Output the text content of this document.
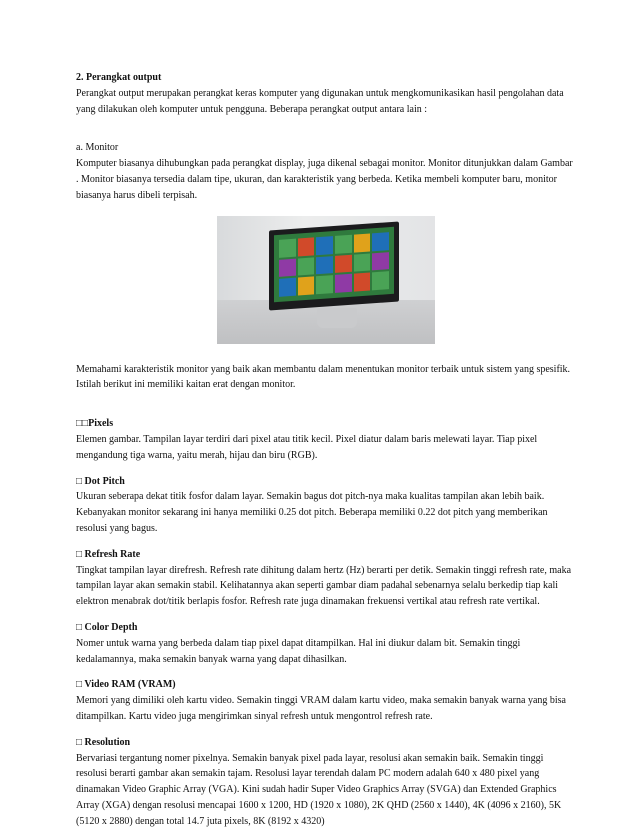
2. Perangkat output

Perangkat output merupakan perangkat keras komputer yang digunakan untuk mengkomunikasikan hasil pengolahan data yang dilakukan oleh komputer untuk pengguna. Beberapa perangkat output antara lain :

a. Monitor

Komputer biasanya dihubungkan pada perangkat display, juga dikenal sebagai monitor. Monitor ditunjukkan dalam Gambar . Monitor biasanya tersedia dalam tipe, ukuran, dan karakteristik yang berbeda. Ketika membeli komputer baru, monitor biasanya harus dibeli terpisah.

Memahami karakteristik monitor yang baik akan membantu dalam menentukan monitor terbaik untuk sistem yang spesifik. Istilah berikut ini memiliki kaitan erat dengan monitor.

□□Pixels

Elemen gambar. Tampilan layar terdiri dari pixel atau titik kecil. Pixel diatur dalam baris melewati layar. Tiap pixel mengandung tiga warna, yaitu merah, hijau dan biru (RGB).

□ Dot Pitch

Ukuran seberapa dekat titik fosfor dalam layar. Semakin bagus dot pitch-nya maka kualitas tampilan akan lebih baik. Kebanyakan monitor sekarang ini hanya memiliki 0.25 dot pitch. Beberapa memiliki 0.22 dot pitch yang memberikan resolusi yang bagus.

□ Refresh Rate

Tingkat tampilan layar direfresh. Refresh rate dihitung dalam hertz (Hz) berarti per detik. Semakin tinggi refresh rate, maka tampilan layar akan semakin stabil. Kelihatannya akan seperti gambar diam padahal sebenarnya selalu berkedip tiap kali elektron menabrak dot/titik berlapis fosfor. Refresh rate juga dinamakan frekuensi vertikal atau refresh rate vertikal.

□ Color Depth

Nomer untuk warna yang berbeda dalam tiap pixel dapat ditampilkan. Hal ini diukur dalam bit. Semakin tinggi kedalamannya, maka semakin banyak warna yang dapat dihasilkan.

□ Video RAM (VRAM)

Memori yang dimiliki oleh kartu video. Semakin tinggi VRAM dalam kartu video, maka semakin banyak warna yang bisa ditampilkan. Kartu video juga mengirimkan sinyal refresh untuk mengontrol refresh rate.

□ Resolution

Bervariasi tergantung nomer pixelnya. Semakin banyak pixel pada layar, resolusi akan semakin baik. Semakin tinggi resolusi berarti gambar akan semakin tajam. Resolusi layar terendah dalam PC modern adalah 640 x 480 pixel yang dinamakan Video Graphic Array (VGA). Kini sudah hadir Super Video Graphics Array (SVGA) dan Extended Graphics Array (XGA) dengan resolusi mencapai 1600 x 1200, HD (1920 x 1080), 2K QHD (2560 x 1440), 4K (4096 x 2160), 5K (5120 x 2880) dengan total 14.7 juta pixels, 8K (8192 x 4320)
